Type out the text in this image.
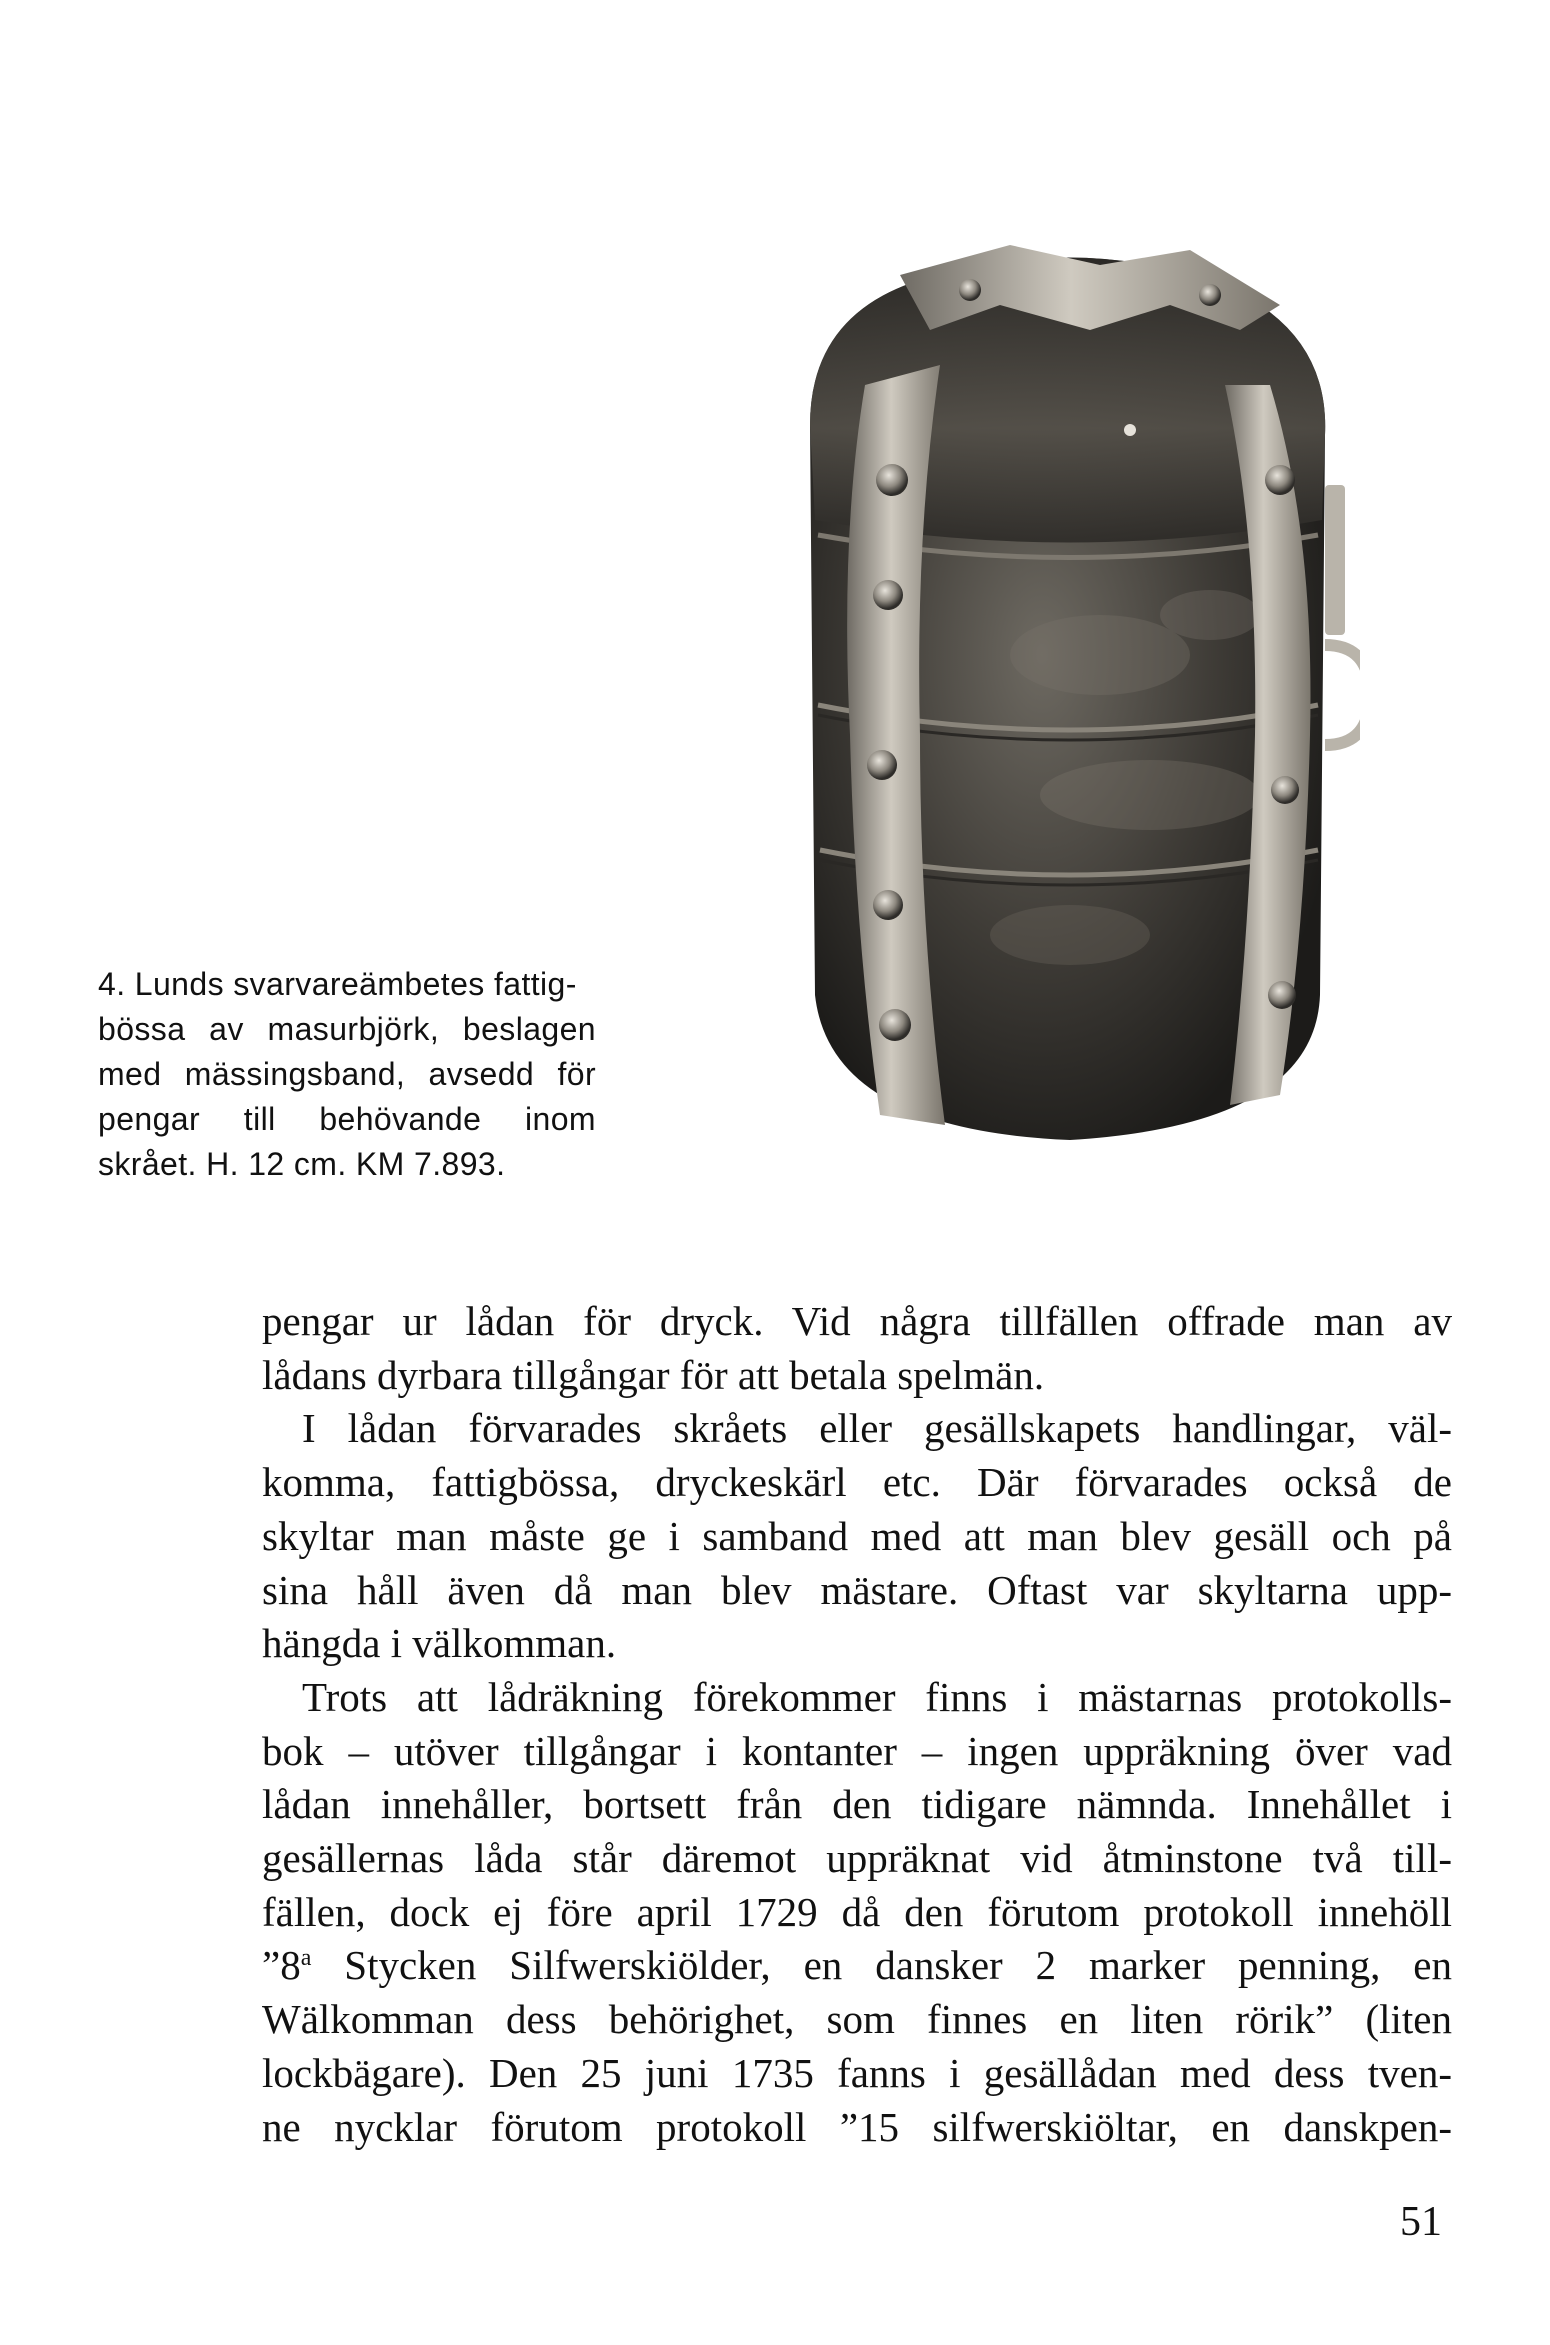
4. Lunds svarvareämbetes fattig-
bössa av masurbjörk, beslagen
med mässingsband, avsedd för
pengar till behövande inom
skrået. H. 12 cm. KM 7.893.
pengar ur lådan för dryck. Vid några tillfällen offrade man av
lådans dyrbara tillgångar för att betala spelmän.
I lådan förvarades skråets eller gesällskapets handlingar, väl-
komma, fattigbössa, dryckeskärl etc. Där förvarades också de
skyltar man måste ge i samband med att man blev gesäll och på
sina håll även då man blev mästare. Oftast var skyltarna upp-
hängda i välkomman.
Trots att lådräkning förekommer finns i mästarnas protokolls-
bok – utöver tillgångar i kontanter – ingen uppräkning över vad
lådan innehåller, bortsett från den tidigare nämnda. Innehållet i
gesällernas låda står däremot uppräknat vid åtminstone två till-
fällen, dock ej före april 1729 då den förutom protokoll innehöll
”8$^a$ Stycken Silfwerskiölder, en dansker 2 marker penning, en
Wälkomman dess behörighet, som finnes en liten rörik” (liten
lockbägare). Den 25 juni 1735 fanns i gesällådan med dess tven-
ne nycklar förutom protokoll ”15 silfwerskiöltar, en danskpen-
51
